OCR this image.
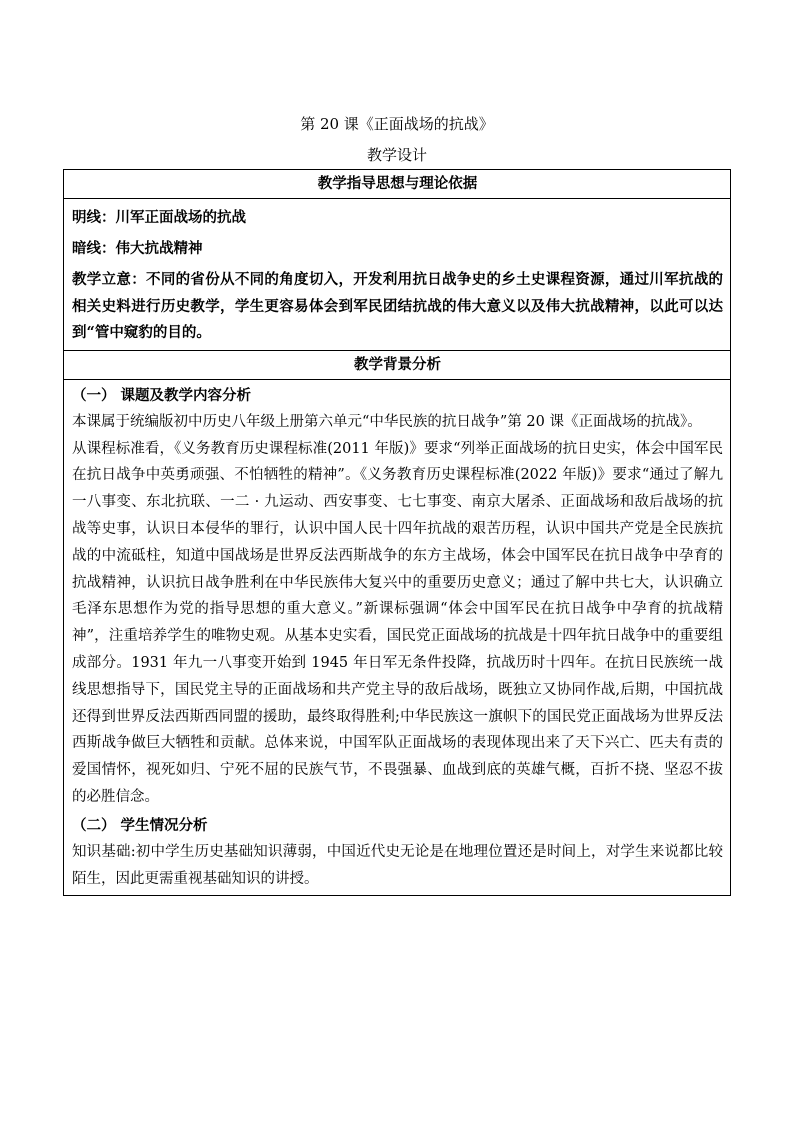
第 20 课《正面战场的抗战》
教学设计
教学指导思想与理论依据

明线：川军正面战场的抗战
暗线：伟大抗战精神
教学立意：不同的省份从不同的角度切入，开发利用抗日战争史的乡土史课程资源，通过川军抗战的相关史料进行历史教学，学生更容易体会到军民团结抗战的伟大意义以及伟大抗战精神，以此可以达到“管中窥豹的目的。

教学背景分析

（一） 课题及教学内容分析
本课属于统编版初中历史八年级上册第六单元“中华民族的抗日战争”第 20 课《正面战场的抗战》。
从课程标准看，《义务教育历史课程标准(2011 年版)》要求“列举正面战场的抗日史实，体会中国军民在抗日战争中英勇顽强、不怕牺牲的精神”。《义务教育历史课程标准(2022 年版)》要求“通过了解九一八事变、东北抗联、一二 · 九运动、西安事变、七七事变、南京大屠杀、正面战场和敌后战场的抗战等史事，认识日本侵华的罪行，认识中国人民十四年抗战的艰苦历程，认识中国共产党是全民族抗战的中流砥柱，知道中国战场是世界反法西斯战争的东方主战场，体会中国军民在抗日战争中孕育的抗战精神，认识抗日战争胜利在中华民族伟大复兴中的重要历史意义；通过了解中共七大，认识确立毛泽东思想作为党的指导思想的重大意义。”新课标强调“体会中国军民在抗日战争中孕育的抗战精神”，注重培养学生的唯物史观。从基本史实看，国民党正面战场的抗战是十四年抗日战争中的重要组成部分。1931 年九一八事变开始到 1945 年日军无条件投降，抗战历时十四年。在抗日民族统一战线思想指导下，国民党主导的正面战场和共产党主导的敌后战场，既独立又协同作战,后期，中国抗战还得到世界反法西斯西同盟的援助，最终取得胜利;中华民族这一旗帜下的国民党正面战场为世界反法西斯战争做巨大牺牲和贡献。总体来说，中国军队正面战场的表现体现出来了天下兴亡、匹夫有责的爱国情怀，视死如归、宁死不屈的民族气节，不畏强暴、血战到底的英雄气概，百折不挠、坚忍不拔的必胜信念。
（二） 学生情况分析
知识基础:初中学生历史基础知识薄弱，中国近代史无论是在地理位置还是时间上，对学生来说都比较陌生，因此更需重视基础知识的讲授。
